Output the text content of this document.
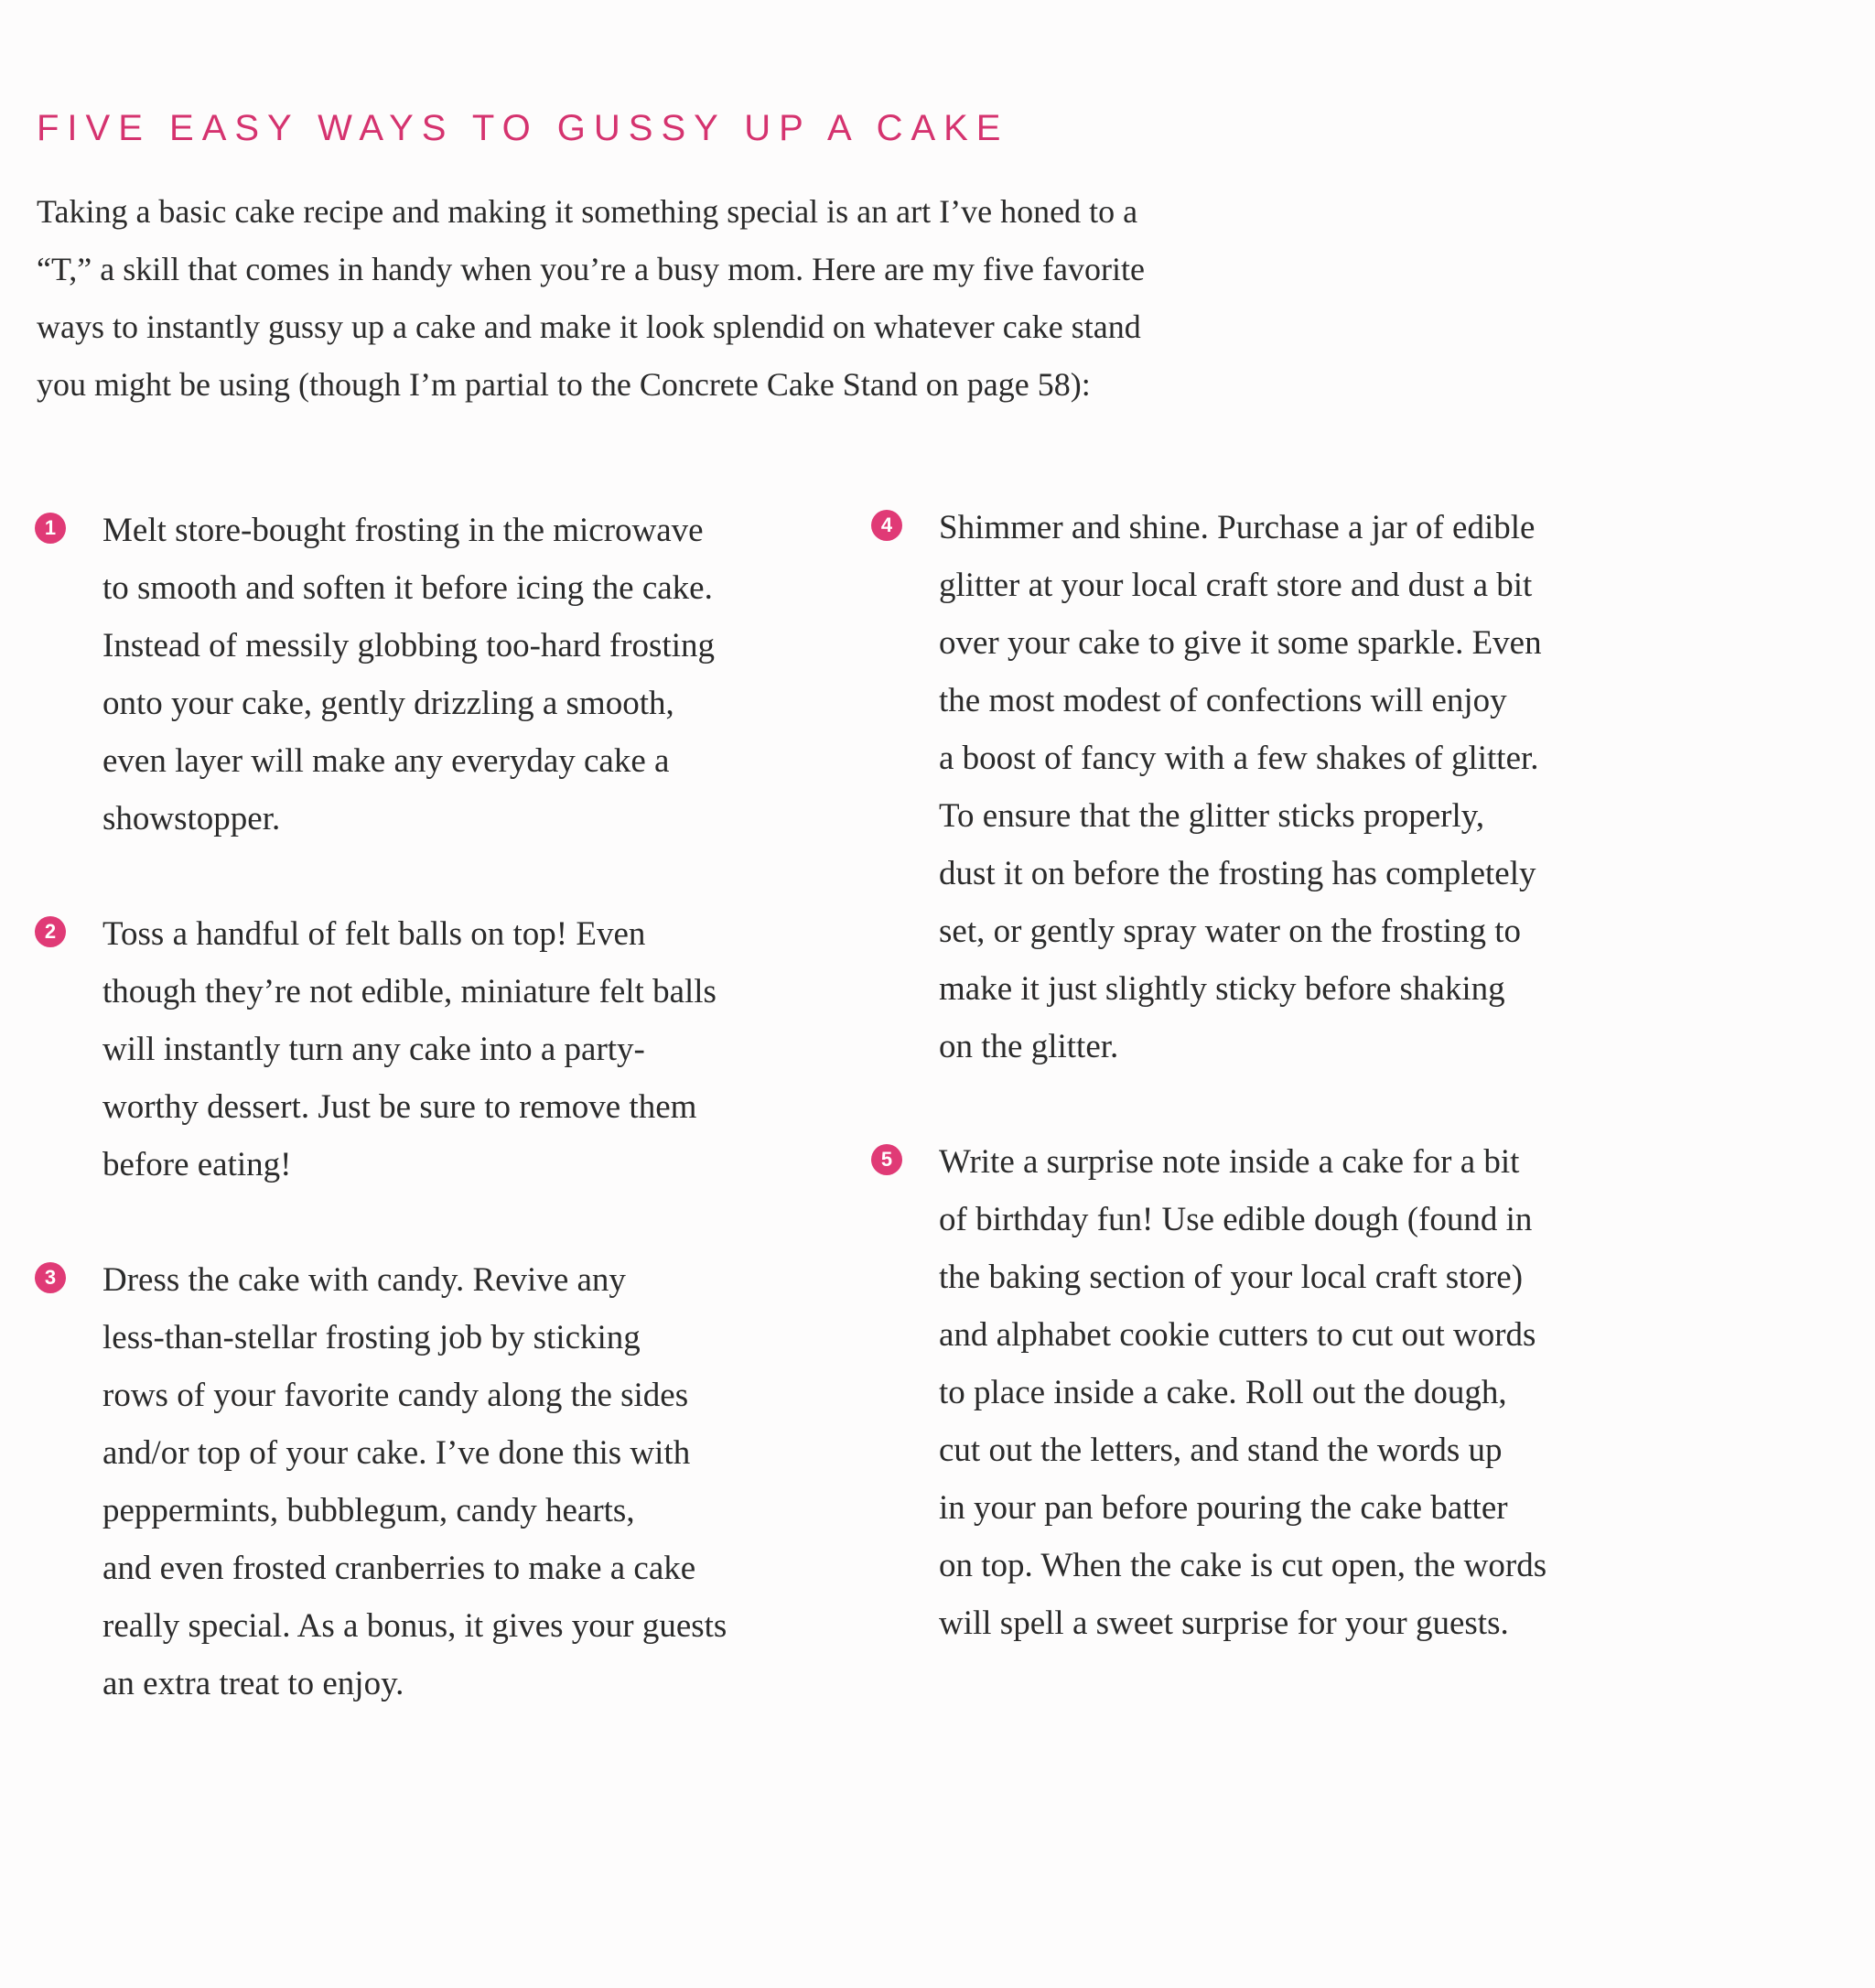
FIVE EASY WAYS TO GUSSY UP A CAKE

Taking a basic cake recipe and making it something special is an art I’ve honed to a
“T,” a skill that comes in handy when you’re a busy mom. Here are my five favorite
ways to instantly gussy up a cake and make it look splendid on whatever cake stand
you might be using (though I’m partial to the Concrete Cake Stand on page 58):

1 Melt store-bought frosting in the microwave
to smooth and soften it before icing the cake.
Instead of messily globbing too-hard frosting
onto your cake, gently drizzling a smooth,
even layer will make any everyday cake a
showstopper.

2 Toss a handful of felt balls on top! Even
though they’re not edible, miniature felt balls
will instantly turn any cake into a party-
worthy dessert. Just be sure to remove them
before eating!

3 Dress the cake with candy. Revive any
less-than-stellar frosting job by sticking
rows of your favorite candy along the sides
and/or top of your cake. I’ve done this with
peppermints, bubblegum, candy hearts,
and even frosted cranberries to make a cake
really special. As a bonus, it gives your guests
an extra treat to enjoy.

4 Shimmer and shine. Purchase a jar of edible
glitter at your local craft store and dust a bit
over your cake to give it some sparkle. Even
the most modest of confections will enjoy
a boost of fancy with a few shakes of glitter.
To ensure that the glitter sticks properly,
dust it on before the frosting has completely
set, or gently spray water on the frosting to
make it just slightly sticky before shaking
on the glitter.

5 Write a surprise note inside a cake for a bit
of birthday fun! Use edible dough (found in
the baking section of your local craft store)
and alphabet cookie cutters to cut out words
to place inside a cake. Roll out the dough,
cut out the letters, and stand the words up
in your pan before pouring the cake batter
on top. When the cake is cut open, the words
will spell a sweet surprise for your guests.
